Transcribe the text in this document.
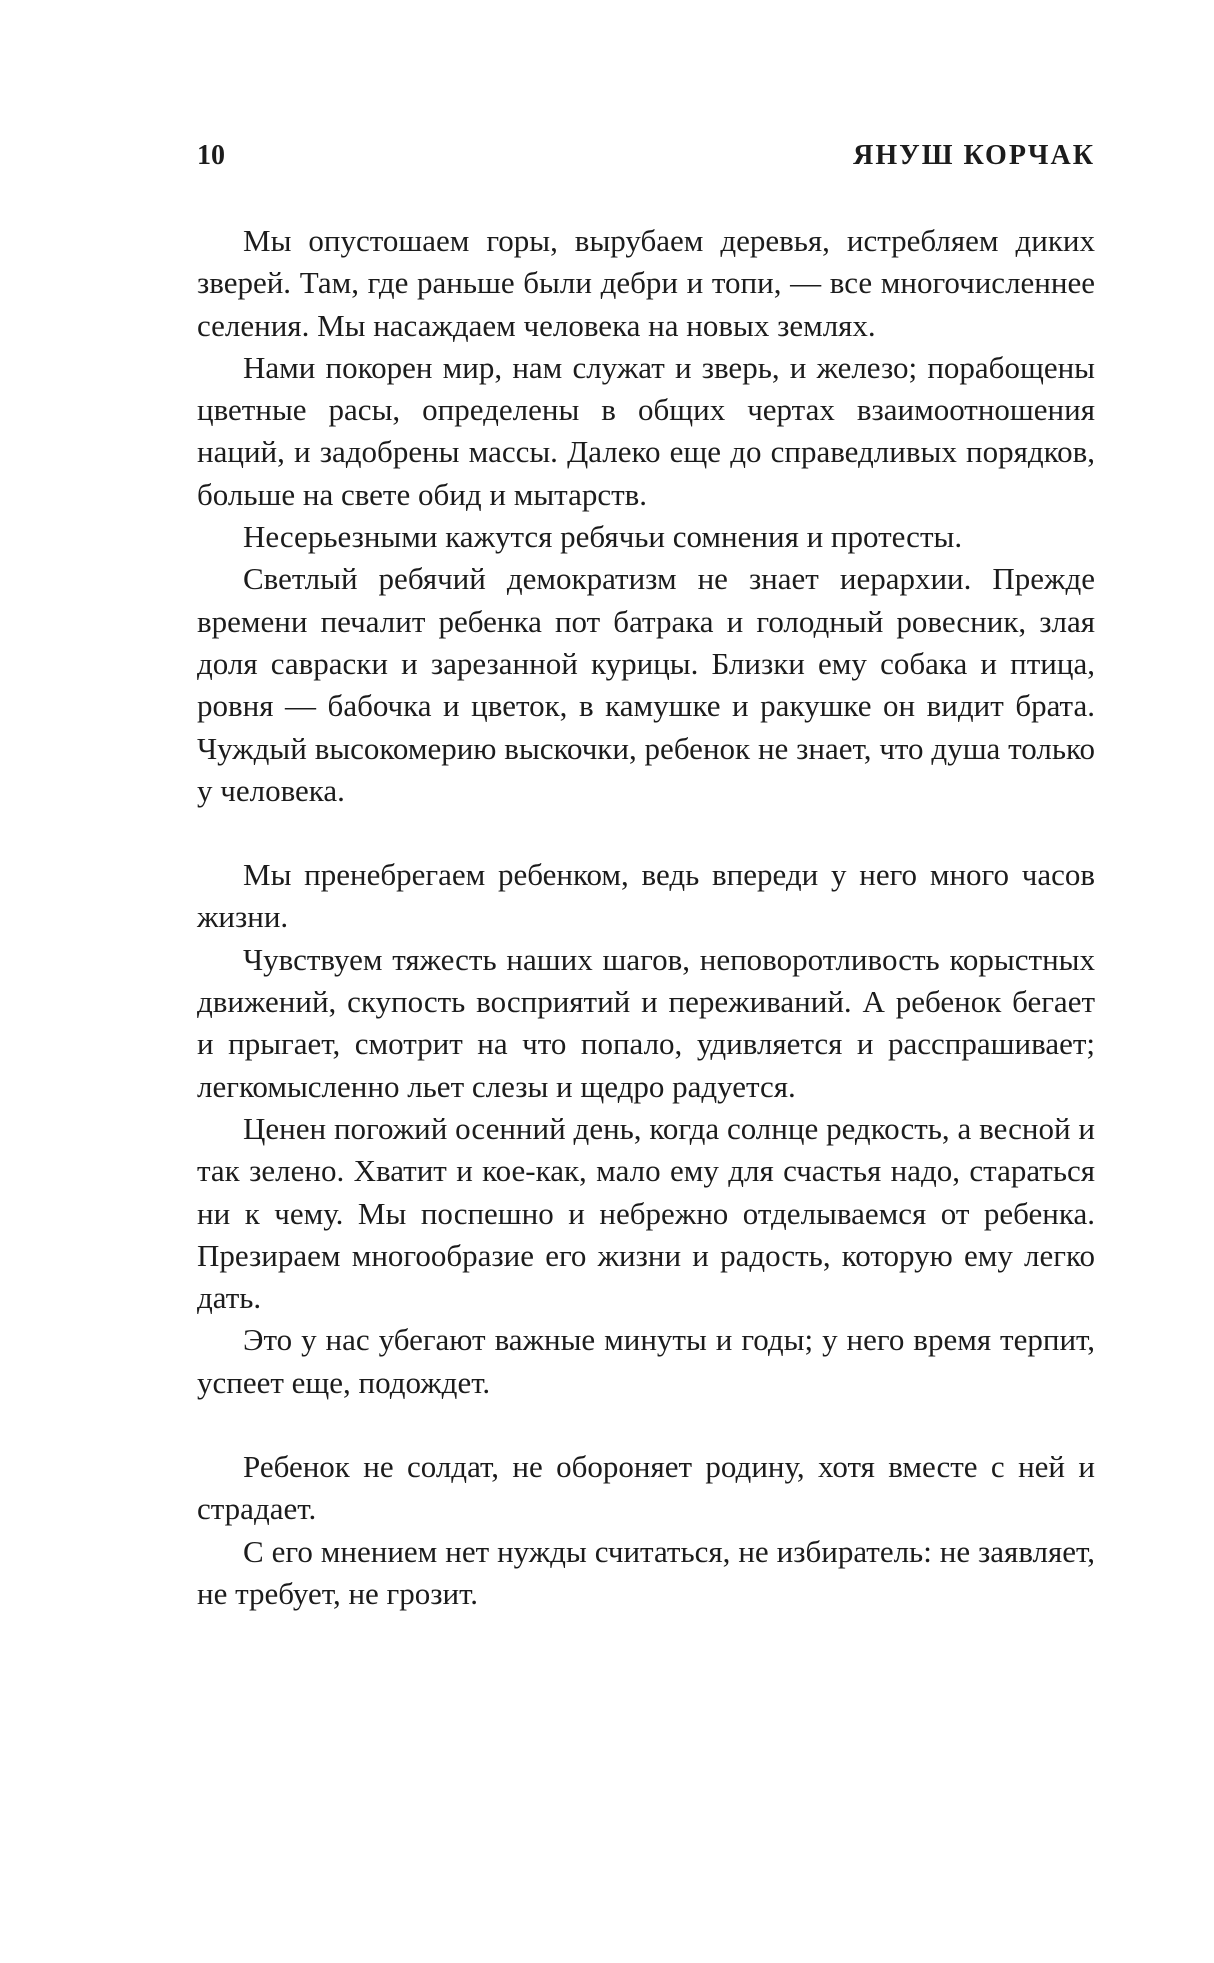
10	ЯНУШ КОРЧАК

Мы опустошаем горы, вырубаем деревья, истребляем диких зверей. Там, где раньше были дебри и топи, — все многочисленнее селения. Мы насаждаем человека на новых землях.

Нами покорен мир, нам служат и зверь, и железо; порабощены цветные расы, определены в общих чертах взаимоотношения наций, и задобрены массы. Далеко еще до справедливых порядков, больше на свете обид и мытарств.

Несерьезными кажутся ребячьи сомнения и протесты.

Светлый ребячий демократизм не знает иерархии. Прежде времени печалит ребенка пот батрака и голодный ровесник, злая доля савраски и зарезанной курицы. Близки ему собака и птица, ровня — бабочка и цветок, в камушке и ракушке он видит брата. Чуждый высокомерию выскочки, ребенок не знает, что душа только у человека.

Мы пренебрегаем ребенком, ведь впереди у него много часов жизни.

Чувствуем тяжесть наших шагов, неповоротливость корыстных движений, скупость восприятий и переживаний. А ребенок бегает и прыгает, смотрит на что попало, удивляется и расспрашивает; легкомысленно льет слезы и щедро радуется.

Ценен погожий осенний день, когда солнце редкость, а весной и так зелено. Хватит и кое-как, мало ему для счастья надо, стараться ни к чему. Мы поспешно и небрежно отделываемся от ребенка. Презираем многообразие его жизни и радость, которую ему легко дать.

Это у нас убегают важные минуты и годы; у него время терпит, успеет еще, подождет.

Ребенок не солдат, не обороняет родину, хотя вместе с ней и страдает.

С его мнением нет нужды считаться, не избиратель: не заявляет, не требует, не грозит.
